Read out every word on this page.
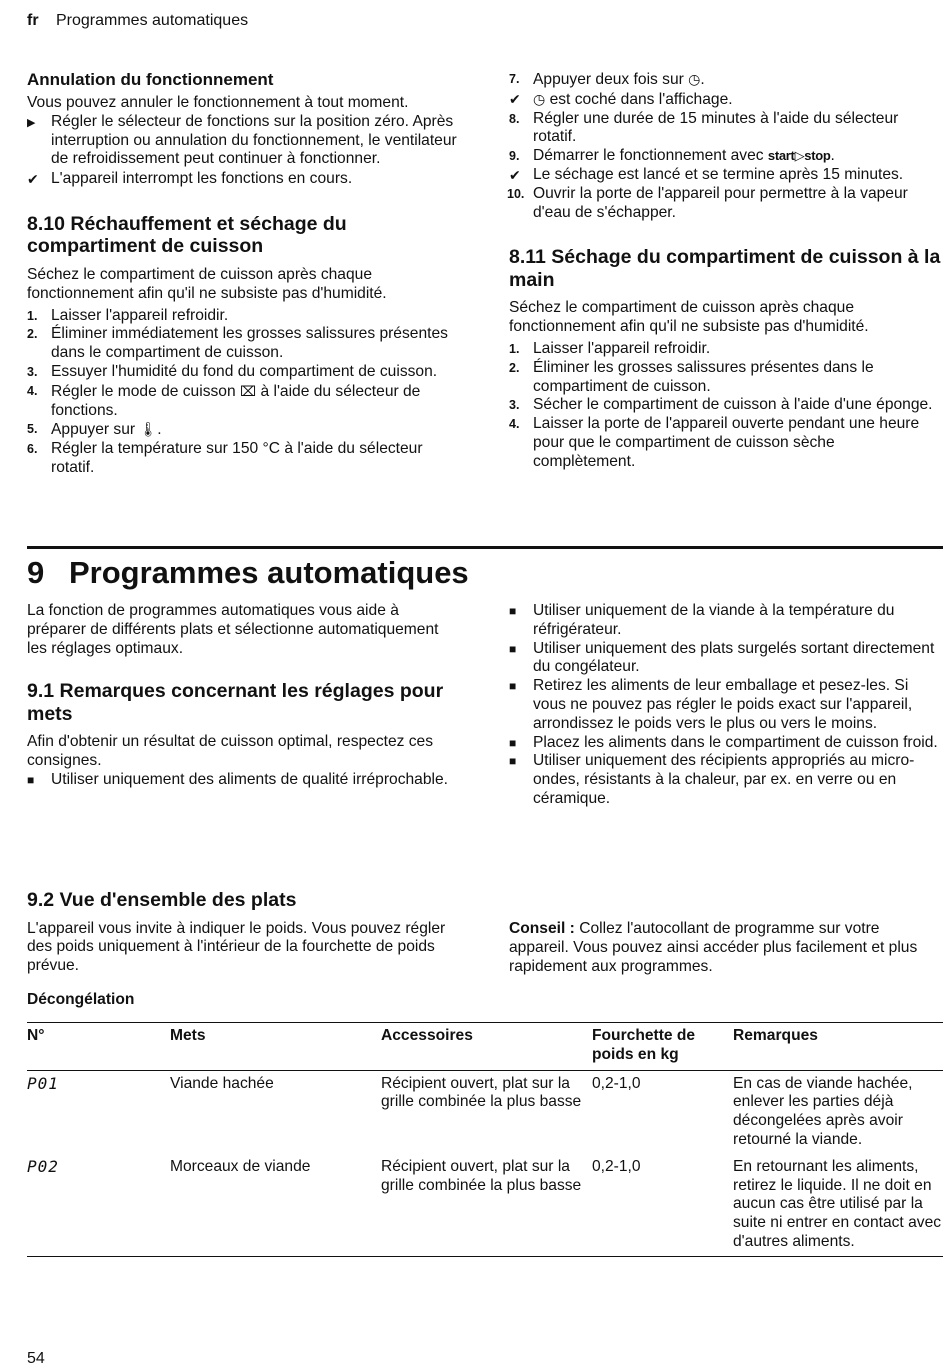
fr Programmes automatiques

Annulation du fonctionnement

Vous pouvez annuler le fonctionnement à tout moment.

▶ Régler le sélecteur de fonctions sur la position zéro. Après interruption ou annulation du fonctionnement, le ventilateur de refroidissement peut continuer à fonctionner.
✔ L'appareil interrompt les fonctions en cours.

8.10 Réchauffement et séchage du compartiment de cuisson

Séchez le compartiment de cuisson après chaque fonctionnement afin qu'il ne subsiste pas d'humidité.

1. Laisser l'appareil refroidir.
2. Éliminer immédiatement les grosses salissures présentes dans le compartiment de cuisson.
3. Essuyer l'humidité du fond du compartiment de cuisson.
4. Régler le mode de cuisson ⌧ à l'aide du sélecteur de fonctions.
5. Appuyer sur 🌡.
6. Régler la température sur 150 °C à l'aide du sélecteur rotatif.
7. Appuyer deux fois sur ◷.
✔ ◷ est coché dans l'affichage.
8. Régler une durée de 15 minutes à l'aide du sélecteur rotatif.
9. Démarrer le fonctionnement avec start▷stop.
✔ Le séchage est lancé et se termine après 15 minutes.
10. Ouvrir la porte de l'appareil pour permettre à la vapeur d'eau de s'échapper.

8.11 Séchage du compartiment de cuisson à la main

Séchez le compartiment de cuisson après chaque fonctionnement afin qu'il ne subsiste pas d'humidité.

1. Laisser l'appareil refroidir.
2. Éliminer les grosses salissures présentes dans le compartiment de cuisson.
3. Sécher le compartiment de cuisson à l'aide d'une éponge.
4. Laisser la porte de l'appareil ouverte pendant une heure pour que le compartiment de cuisson sèche complètement.
9 Programmes automatiques

La fonction de programmes automatiques vous aide à préparer de différents plats et sélectionne automatiquement les réglages optimaux.

9.1 Remarques concernant les réglages pour mets

Afin d'obtenir un résultat de cuisson optimal, respectez ces consignes.

■ Utiliser uniquement des aliments de qualité irréprochable.
■ Utiliser uniquement de la viande à la température du réfrigérateur.
■ Utiliser uniquement des plats surgelés sortant directement du congélateur.
■ Retirez les aliments de leur emballage et pesez-les. Si vous ne pouvez pas régler le poids exact sur l'appareil, arrondissez le poids vers le plus ou vers le moins.
■ Placez les aliments dans le compartiment de cuisson froid.
■ Utiliser uniquement des récipients appropriés au micro-ondes, résistants à la chaleur, par ex. en verre ou en céramique.

9.2 Vue d'ensemble des plats

L'appareil vous invite à indiquer le poids. Vous pouvez régler des poids uniquement à l'intérieur de la fourchette de poids prévue.

Décongélation

Conseil : Collez l'autocollant de programme sur votre appareil. Vous pouvez ainsi accéder plus facilement et plus rapidement aux programmes.

N°	Mets	Accessoires	Fourchette de poids en kg	Remarques
P01	Viande hachée	Récipient ouvert, plat sur la grille combinée la plus basse	0,2-1,0	En cas de viande hachée, enlever les parties déjà décongelées après avoir retourné la viande.
P02	Morceaux de viande	Récipient ouvert, plat sur la grille combinée la plus basse	0,2-1,0	En retournant les aliments, retirez le liquide. Il ne doit en aucun cas être utilisé par la suite ni entrer en contact avec d'autres aliments.
54
